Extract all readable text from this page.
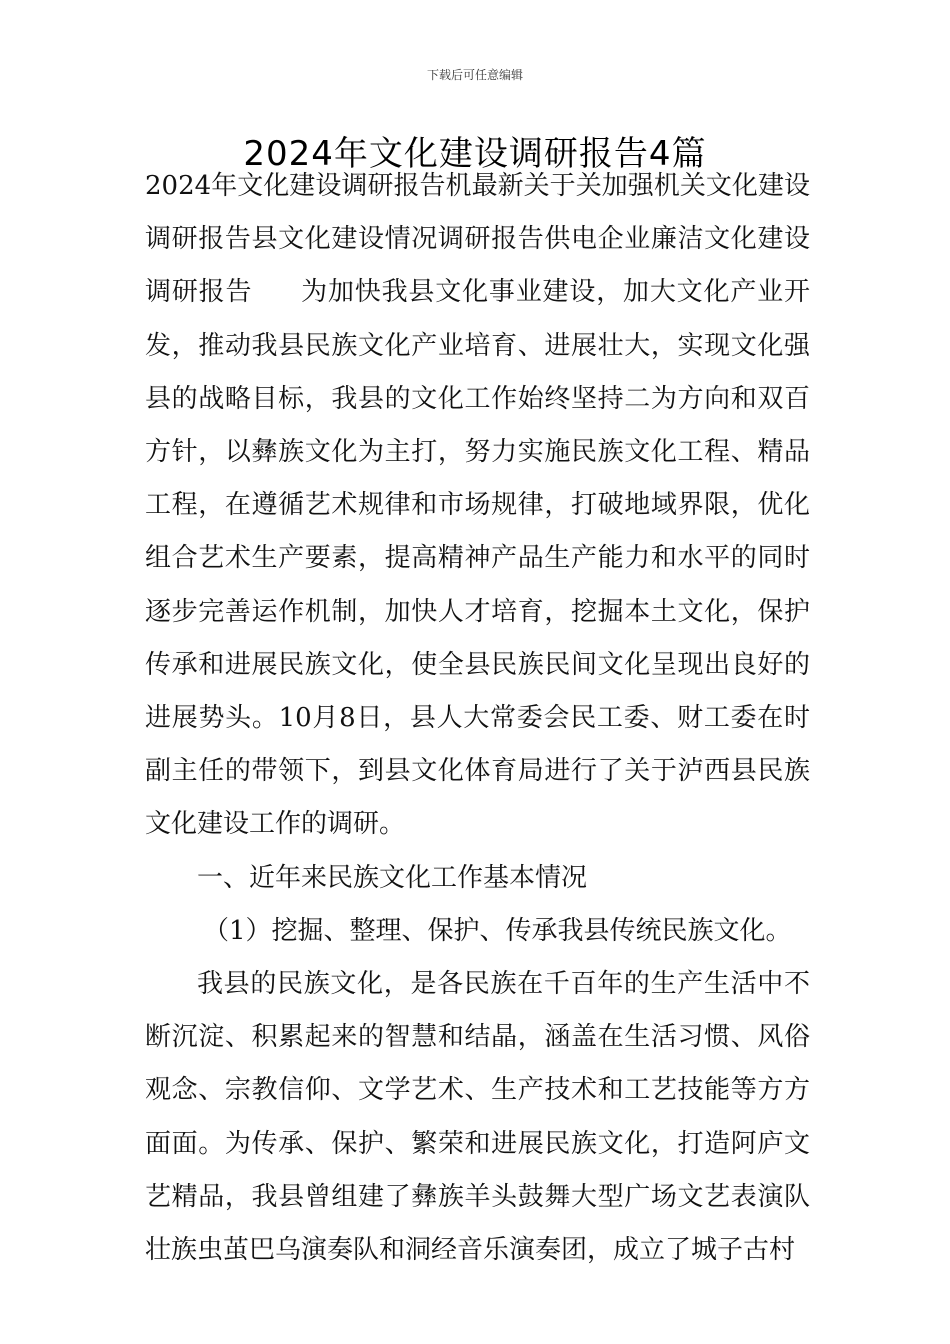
下载后可任意编辑
2024年文化建设调研报告4篇

2024年文化建设调研报告机最新关于关加强机关文化建设调研报告县文化建设情况调研报告供电企业廉洁文化建设调研报告 为加快我县文化事业建设，加大文化产业开发，推动我县民族文化产业培育、进展壮大，实现文化强县的战略目标，我县的文化工作始终坚持二为方向和双百方针，以彝族文化为主打，努力实施民族文化工程、精品工程，在遵循艺术规律和市场规律，打破地域界限，优化组合艺术生产要素，提高精神产品生产能力和水平的同时逐步完善运作机制，加快人才培育，挖掘本土文化，保护传承和进展民族文化，使全县民族民间文化呈现出良好的进展势头。10月8日，县人大常委会民工委、财工委在时副主任的带领下，到县文化体育局进行了关于泸西县民族文化建设工作的调研。

一、近年来民族文化工作基本情况

（1）挖掘、整理、保护、传承我县传统民族文化。

我县的民族文化，是各民族在千百年的生产生活中不断沉淀、积累起来的智慧和结晶，涵盖在生活习惯、风俗观念、宗教信仰、文学艺术、生产技术和工艺技能等方方面面。为传承、保护、繁荣和进展民族文化，打造阿庐文艺精品，我县曾组建了彝族羊头鼓舞大型广场文艺表演队壮族虫茧巴乌演奏队和洞经音乐演奏团，成立了城子古村
